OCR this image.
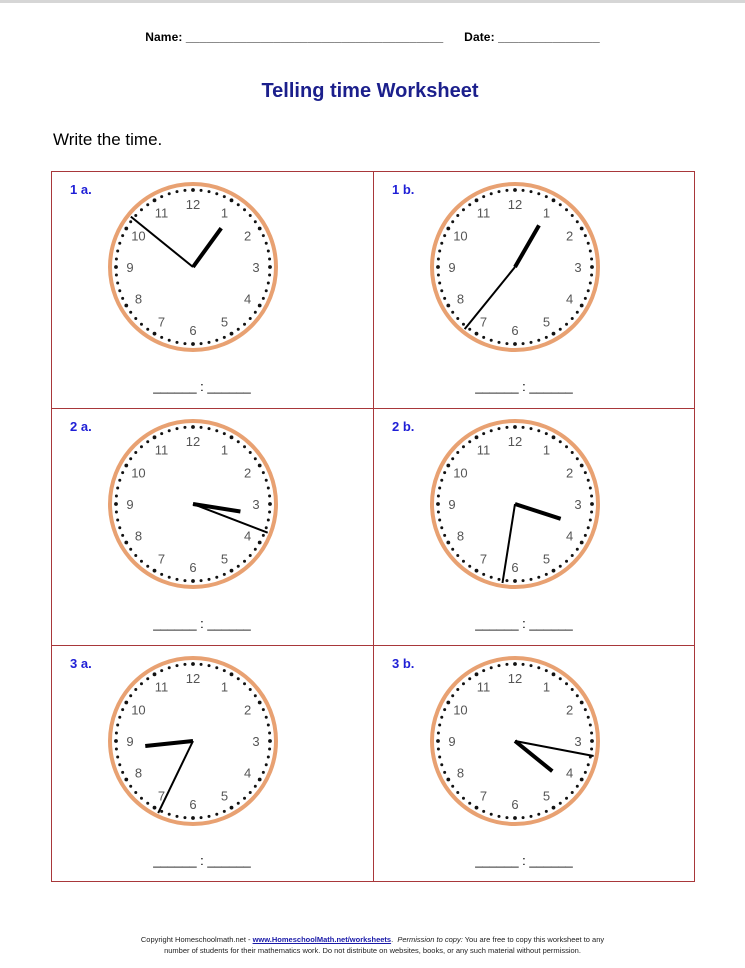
Name: ______________________________________ Date: _______________
Telling time Worksheet
Write the time.
1 a.
12
1
2
3
4
5
6
7
8
9
10
11
______ : ______
1 b.
12
1
2
3
4
5
6
7
8
9
10
11
______ : ______
2 a.
12
1
2
3
4
5
6
7
8
9
10
11
______ : ______
2 b.
12
1
2
3
4
5
6
7
8
9
10
11
______ : ______
3 a.
12
1
2
3
4
5
6
7
8
9
10
11
______ : ______
3 b.
12
1
2
3
4
5
6
7
8
9
10
11
______ : ______
Copyright Homeschoolmath.net - www.HomeschoolMath.net/worksheets.  Permission to copy: You are free to copy this worksheet to any
number of students for their mathematics work. Do not distribute on websites, books, or any such material without permission.
